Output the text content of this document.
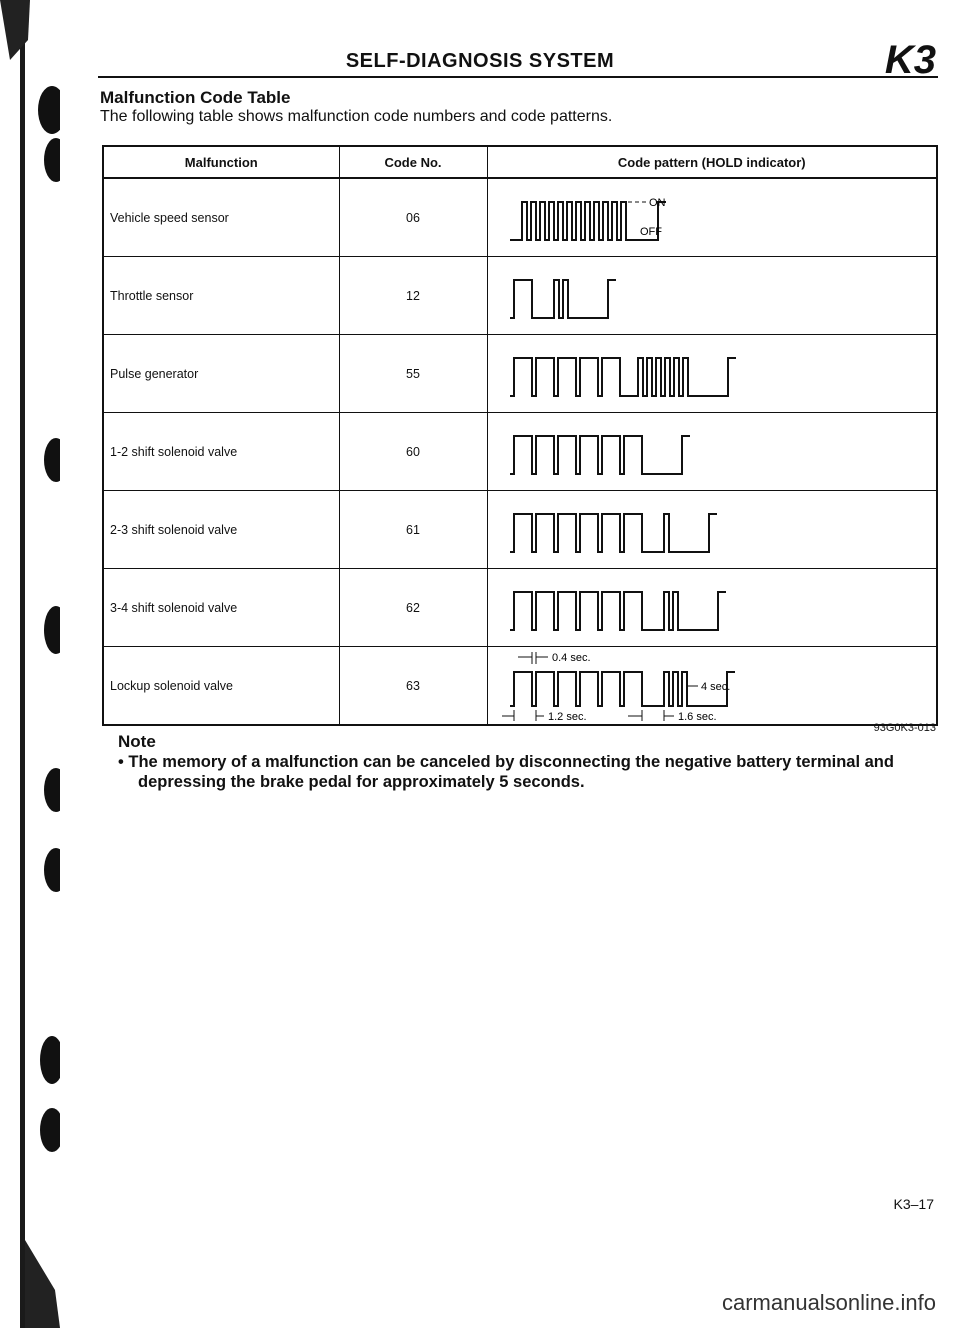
SELF-DIAGNOSIS SYSTEM	K3
Malfunction Code Table
The following table shows malfunction code numbers and code patterns.
Malfunction	Code No.	Code pattern (HOLD indicator)
Vehicle speed sensor	06	ON
OFF

Throttle sensor	12	

Pulse generator	55	

1-2 shift solenoid valve	60	

2-3 shift solenoid valve	61	

3-4 shift solenoid valve	62	

Lockup solenoid valve	63	0.4 sec.
1.2 sec. 1.6 sec.
4 sec.
93G0K3-013
Note
• The memory of a malfunction can be canceled by disconnecting the negative battery terminal and depressing the brake pedal for approximately 5 seconds.
K3–17
carmanualsonline.info
